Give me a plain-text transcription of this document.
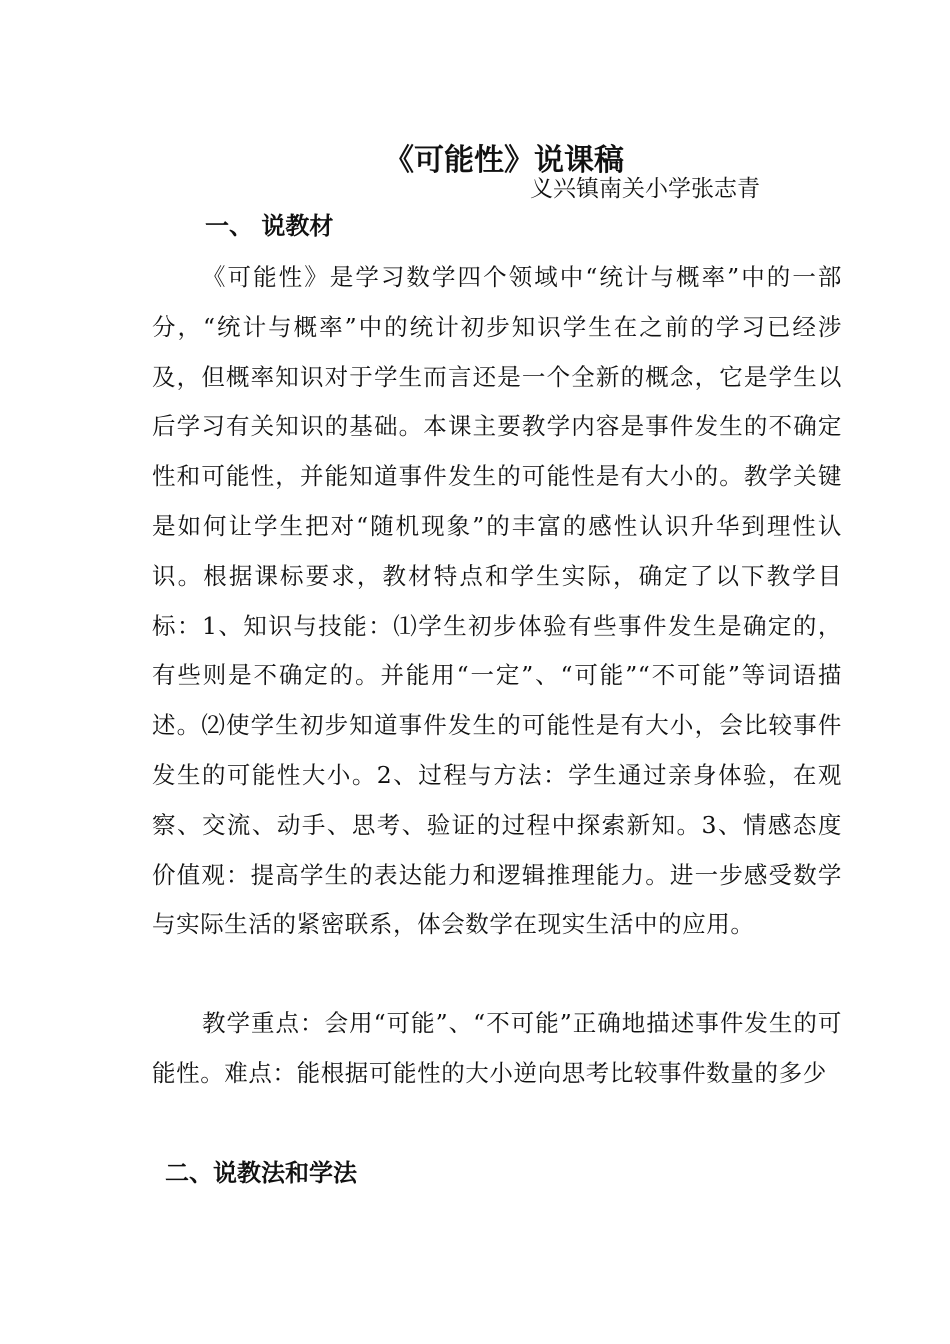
《可能性》说课稿
义兴镇南关小学张志青
一、 说教材
《可能性》是学习数学四个领域中“统计与概率”中的一部分，“统计与概率”中的统计初步知识学生在之前的学习已经涉及，但概率知识对于学生而言还是一个全新的概念，它是学生以后学习有关知识的基础。本课主要教学内容是事件发生的不确定性和可能性，并能知道事件发生的可能性是有大小的。教学关键是如何让学生把对“随机现象”的丰富的感性认识升华到理性认识。根据课标要求，教材特点和学生实际，确定了以下教学目标：1、知识与技能：⑴学生初步体验有些事件发生是确定的，有些则是不确定的。并能用“一定”、“可能”“不可能”等词语描述。⑵使学生初步知道事件发生的可能性是有大小，会比较事件发生的可能性大小。2、过程与方法：学生通过亲身体验，在观察、交流、动手、思考、验证的过程中探索新知。3、情感态度价值观：提高学生的表达能力和逻辑推理能力。进一步感受数学与实际生活的紧密联系，体会数学在现实生活中的应用。
教学重点：会用“可能”、“不可能”正确地描述事件发生的可能性。难点：能根据可能性的大小逆向思考比较事件数量的多少
二、说教法和学法
